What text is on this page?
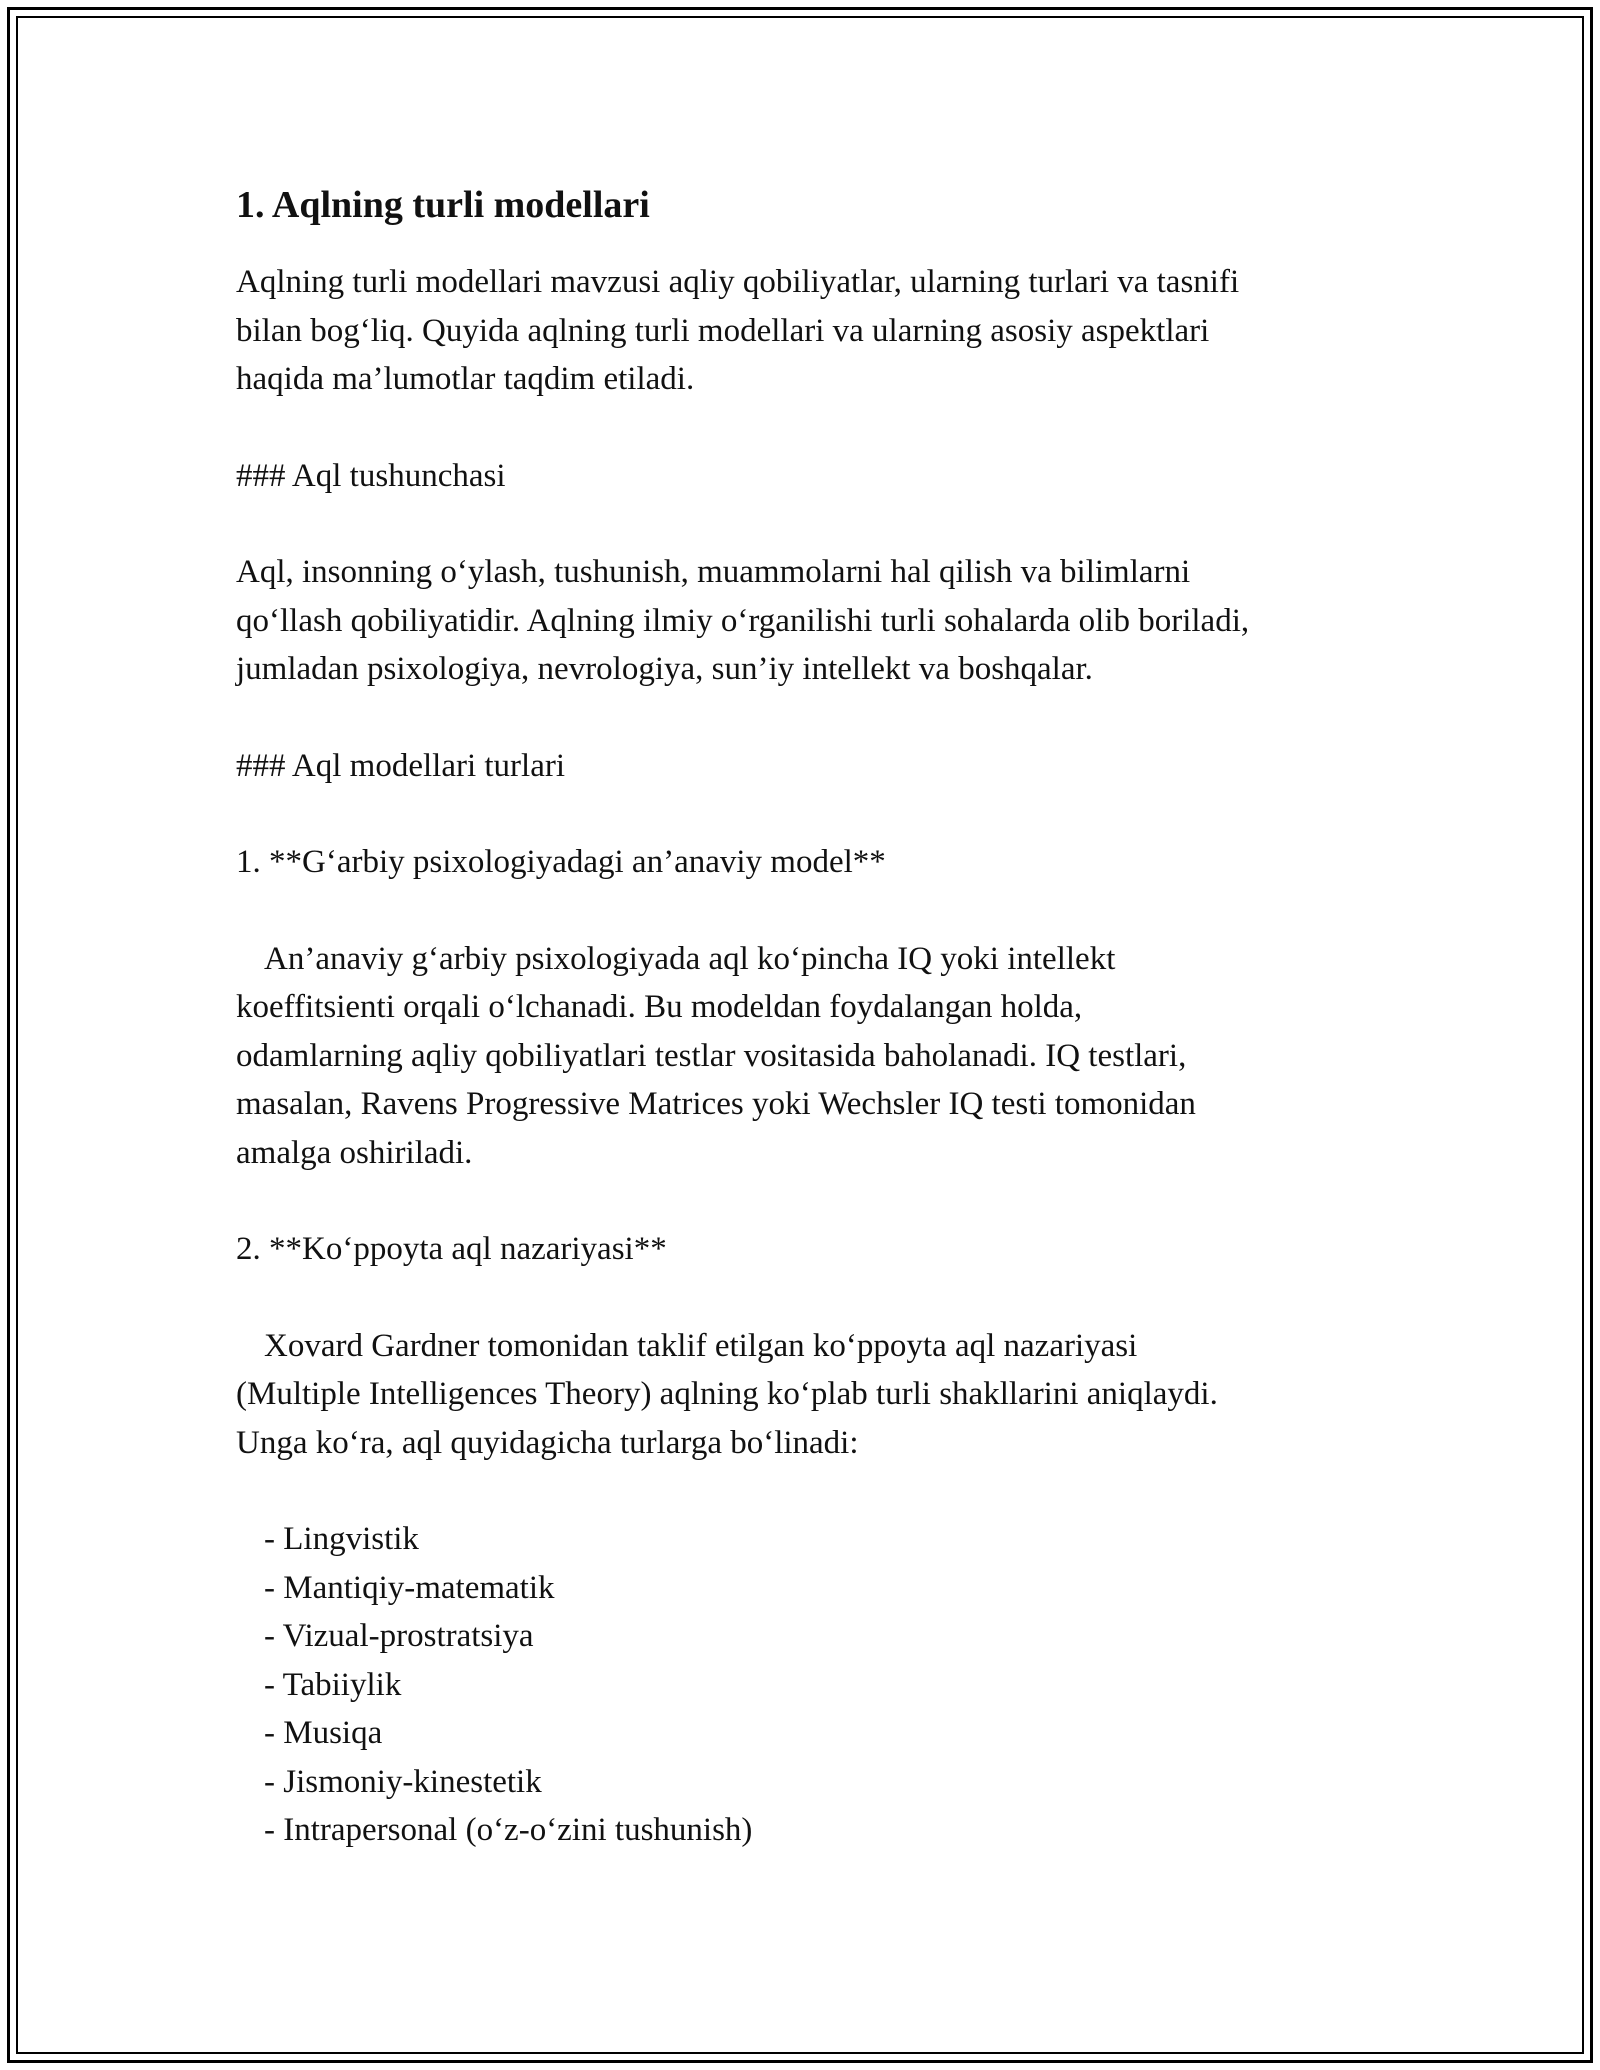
1. Aqlning turli modellari

Aqlning turli modellari mavzusi aqliy qobiliyatlar, ularning turlari va tasnifi
bilan bog‘liq. Quyida aqlning turli modellari va ularning asosiy aspektlari
haqida ma’lumotlar taqdim etiladi.

### Aql tushunchasi

Aql, insonning o‘ylash, tushunish, muammolarni hal qilish va bilimlarni
qo‘llash qobiliyatidir. Aqlning ilmiy o‘rganilishi turli sohalarda olib boriladi,
jumladan psixologiya, nevrologiya, sun’iy intellekt va boshqalar.

### Aql modellari turlari

1. **G‘arbiy psixologiyadagi an’anaviy model**

An’anaviy g‘arbiy psixologiyada aql ko‘pincha IQ yoki intellekt
koeffitsienti orqali o‘lchanadi. Bu modeldan foydalangan holda,
odamlarning aqliy qobiliyatlari testlar vositasida baholanadi. IQ testlari,
masalan, Ravens Progressive Matrices yoki Wechsler IQ testi tomonidan
amalga oshiriladi.

2. **Ko‘ppoyta aql nazariyasi**

Xovard Gardner tomonidan taklif etilgan ko‘ppoyta aql nazariyasi
(Multiple Intelligences Theory) aqlning ko‘plab turli shakllarini aniqlaydi.
Unga ko‘ra, aql quyidagicha turlarga bo‘linadi:

- Lingvistik
- Mantiqiy-matematik
- Vizual-prostratsiya
- Tabiiylik
- Musiqa
- Jismoniy-kinestetik
- Intrapersonal (o‘z-o‘zini tushunish)
